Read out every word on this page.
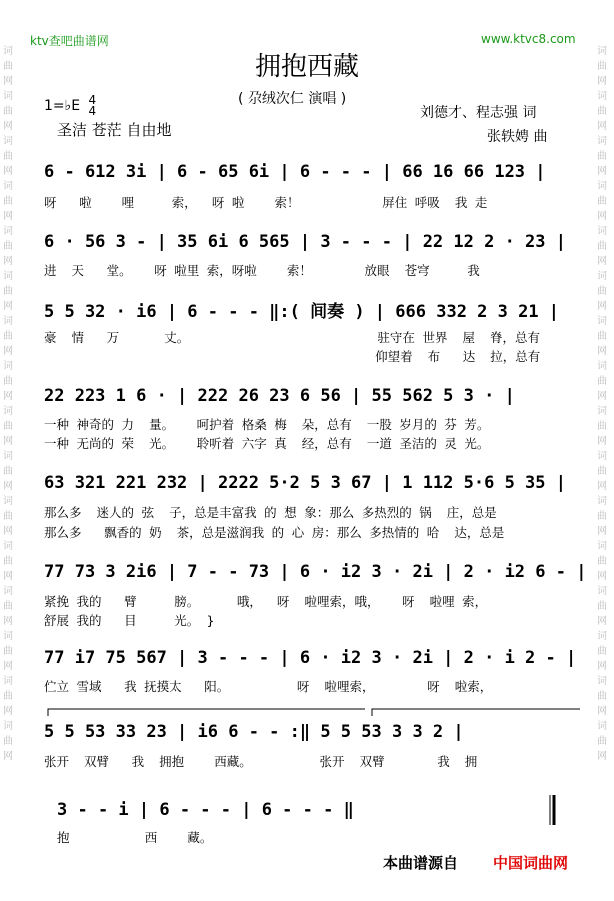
ktv查吧曲谱网	www.ktvc8.com
词曲网词曲网词曲网词曲网词曲网词曲网词曲网词曲网词曲网词曲网词曲网词曲网词曲网词曲网词曲网词曲网
词曲网词曲网词曲网词曲网词曲网词曲网词曲网词曲网词曲网词曲网词曲网词曲网词曲网词曲网词曲网词曲网
拥抱西藏
( 尕绒次仁 演唱 )
1=♭E 4
4
圣洁 苍茫 自由地
刘德才、程志强 词
张轶娉 曲
6 - 612 3i | 6 - 65 6i | 6 - - - | 66 16 66 123 |
呀   啦    哩     索，  呀 啦    索！           屏住 呼吸  我 走
6 · 56 3 - | 35 6i 6 565 | 3 - - - | 22 12 2 · 23 |
进  天   堂。   呀 啦里 索，呀啦    索！       放眼  苍穹     我
5 5 32 · i6 | 6 - - - ‖:( 间奏 ) | 666 332 2 3 21 |
豪  情   万      丈。                         驻守在 世界  屋  脊，总有
仰望着  布   达  拉，总有
22 223 1 6 · | 222 26 23 6 56 | 55 562 5 3 · |
一种 神奇的 力  量。   呵护着 格桑 梅  朵，总有  一股 岁月的 芬 芳。
一种 无尚的 荣  光。   聆听着 六字 真  经，总有  一道 圣洁的 灵 光。
63 321 221 232 | 2222 5·2 5 3 67 | 1 112 5·6 5 35 |
那么多  迷人的 弦  子，总是丰富我 的 想 象：那么 多热烈的 锅  庄，总是
那么多   飘香的 奶  茶，总是滋润我 的 心 房：那么 多热情的 哈  达，总是
77 73 3 2i6 | 7 - - 73 | 6 · i2 3 · 2i | 2 · i2 6 - |
紧挽 我的   臂     膀。     哦，  呀  啦哩索，哦，   呀  啦哩 索，
舒展 我的   目     光。 }
77 i7 75 567 | 3 - - - | 6 · i2 3 · 2i | 2 · i 2 - |
伫立 雪域   我 抚摸太   阳。         呀  啦哩索，       呀  啦索，
5 5 53 33 23 | i6 6 - - :‖ 5 5 53 3 3 2 |
张开  双臂   我  拥抱    西藏。         张开  双臂       我  拥
3 - - i | 6 - - - | 6 - - - ‖
抱          西    藏。
本曲谱源自 中国词曲网
